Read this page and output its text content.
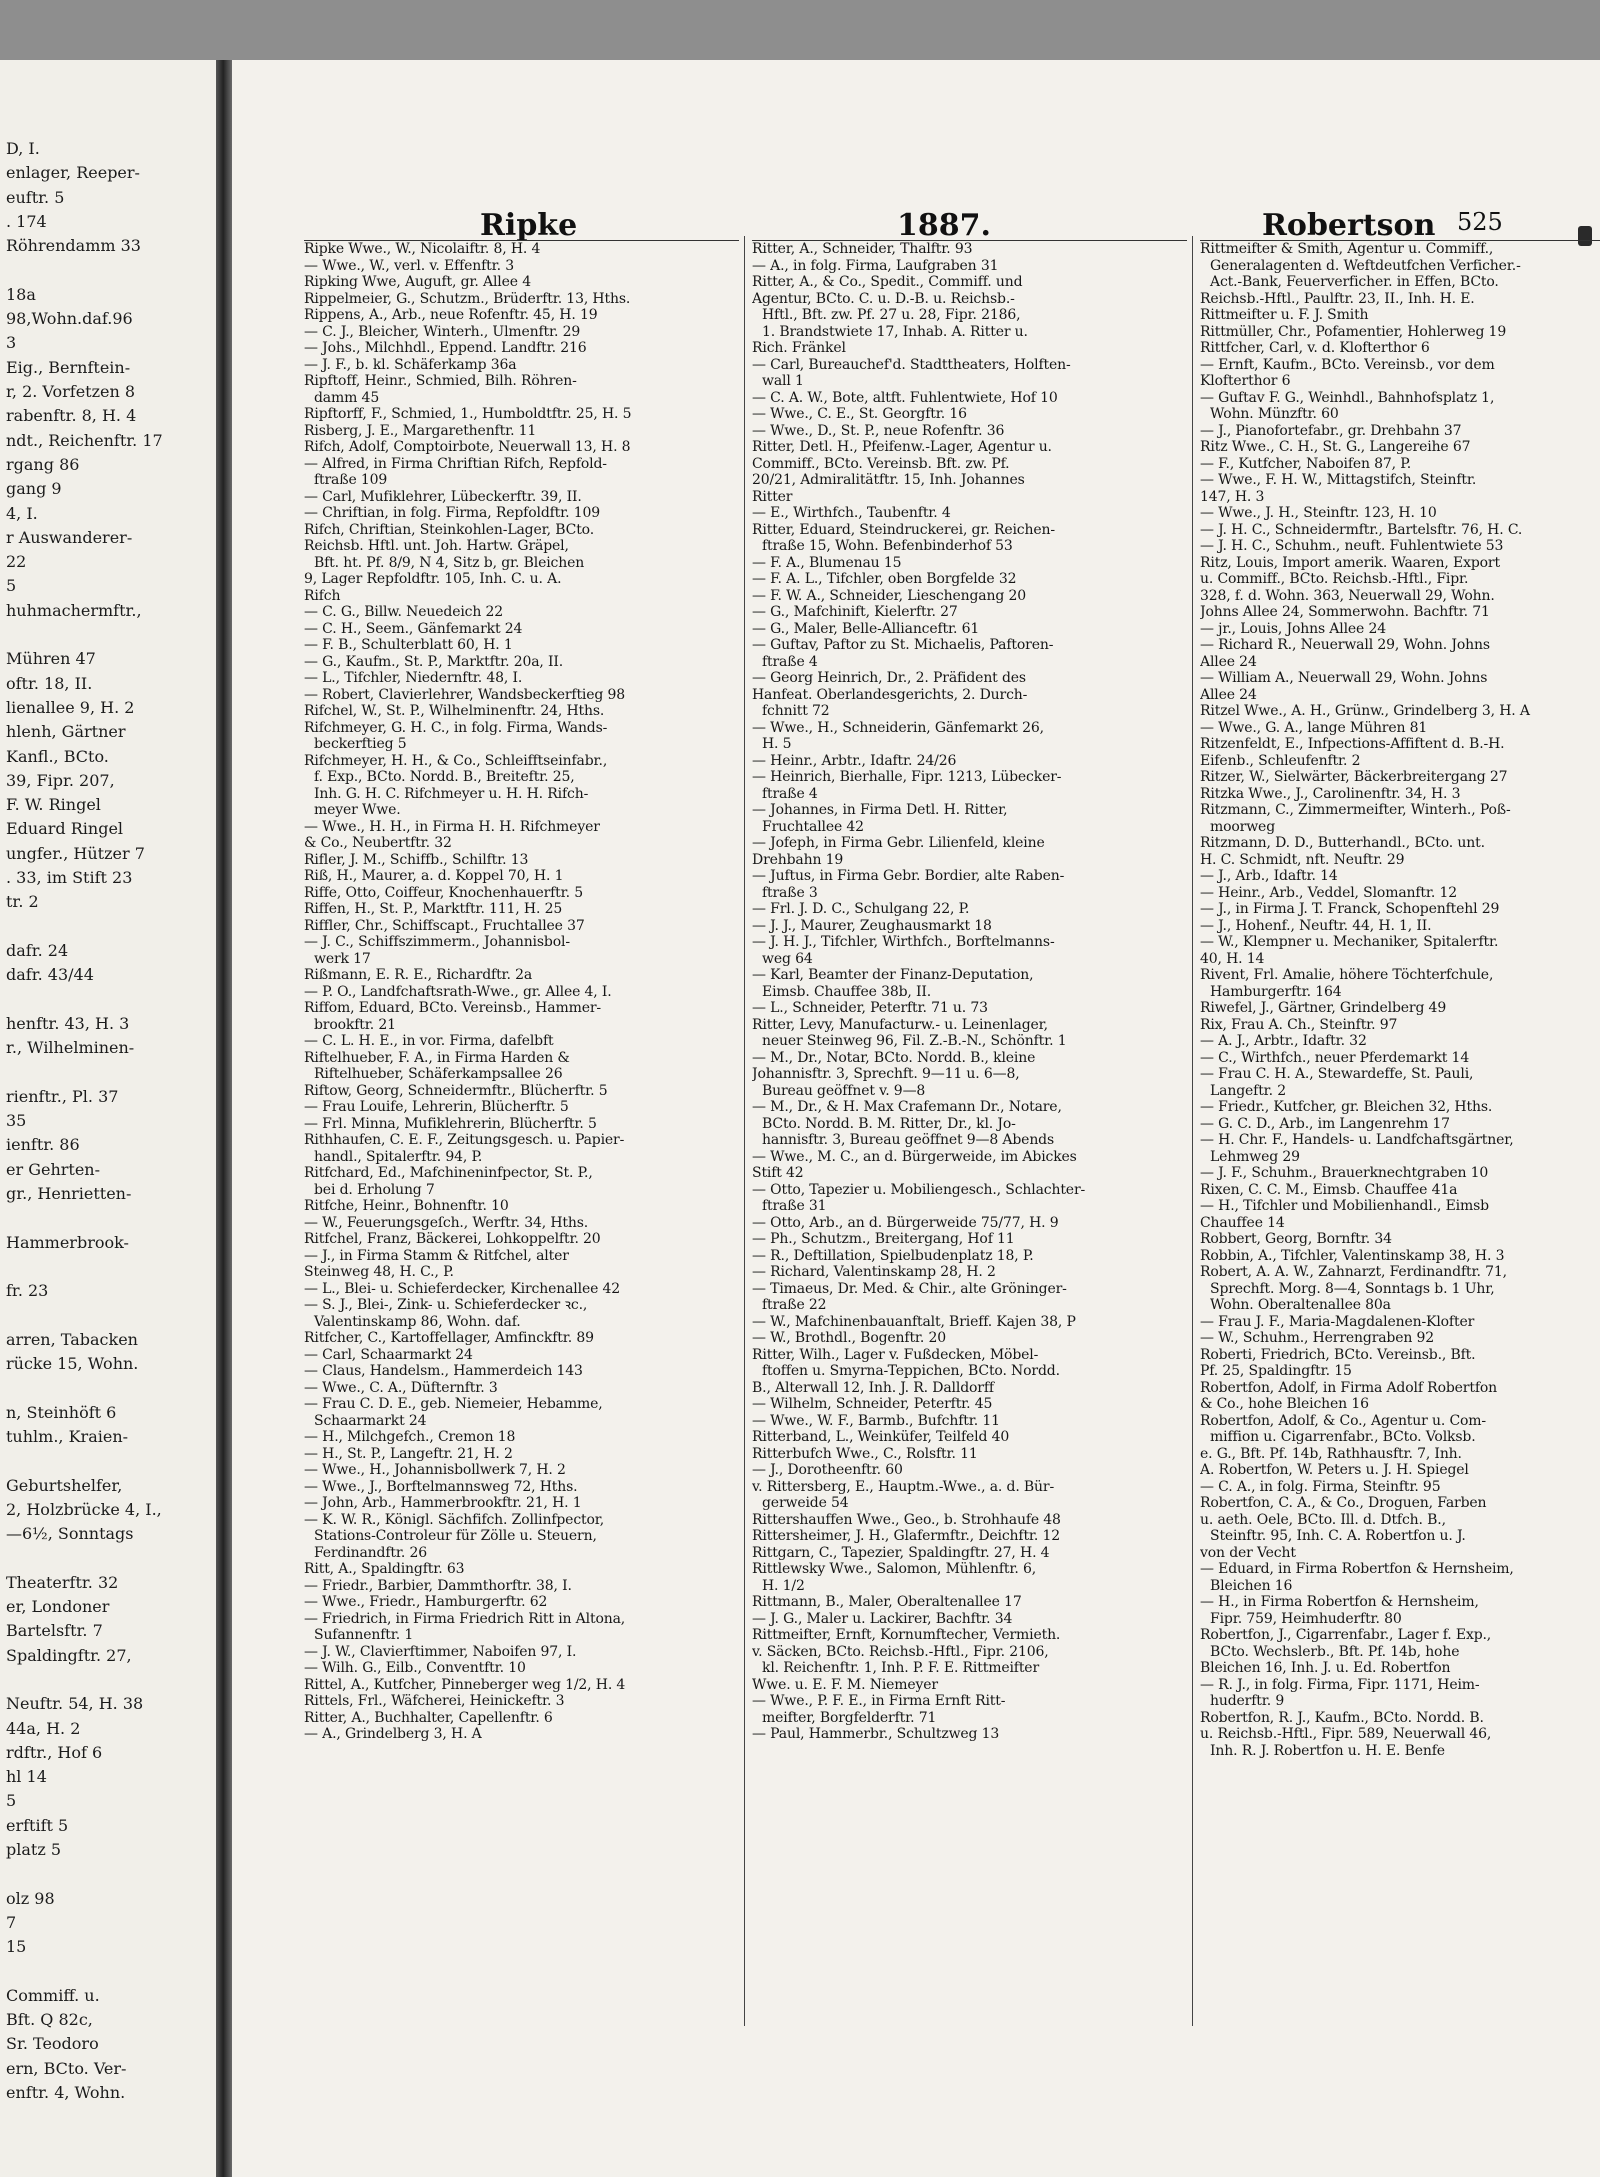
D, I.
enlager, Reeper-
euftr. 5
. 174
Röhrendamm 33
18a
98,Wohn.daf.96
3
Eig., Bernftein-
r, 2. Vorfetzen 8
rabenftr. 8, H. 4
ndt., Reichenftr. 17
rgang 86
gang 9
4, I.
r Auswanderer-
22
5
huhmachermftr.,
Mühren 47
oftr. 18, II.
lienallee 9, H. 2
hlenh, Gärtner
Kanfl., BCto.
39, Fipr. 207,
F. W. Ringel
Eduard Ringel
ungfer., Hützer 7
. 33, im Stift 23
tr. 2
dafr. 24
dafr. 43/44
henftr. 43, H. 3
r., Wilhelminen-
rienftr., Pl. 37
35
ienftr. 86
er Gehrten-
gr., Henrietten-
Hammerbrook-
fr. 23
arren, Tabacken
rücke 15, Wohn.
n, Steinhöft 6
tuhlm., Kraien-
Geburtshelfer,
2, Holzbrücke 4, I.,
—6½, Sonntags
Theaterftr. 32
er, Londoner
Bartelsftr. 7
Spaldingftr. 27,
Neuftr. 54, H. 38
44a, H. 2
rdftr., Hof 6
hl 14
5
erftift 5
platz 5
olz 98
7
15
Commiff. u.
Bft. Q 82c,
Sr. Teodoro
ern, BCto. Ver-
enftr. 4, Wohn.
Ripke	1887.	Robertson 525
Ripke Wwe., W., Nicolaiftr. 8, H. 4
— Wwe., W., verl. v. Effenftr. 3
Ripking Wwe, Auguft, gr. Allee 4
Rippelmeier, G., Schutzm., Brüderftr. 13, Hths.
Rippens, A., Arb., neue Rofenftr. 45, H. 19
— C. J., Bleicher, Winterh., Ulmenftr. 29
— Johs., Milchhdl., Eppend. Landftr. 216
— J. F., b. kl. Schäferkamp 36a
Ripftoff, Heinr., Schmied, Bilh. Röhren-
damm 45
Ripftorff, F., Schmied, 1., Humboldtftr. 25, H. 5
Risberg, J. E., Margarethenftr. 11
Rifch, Adolf, Comptoirbote, Neuerwall 13, H. 8
— Alfred, in Firma Chriftian Rifch, Repfold-
ftraße 109
— Carl, Mufiklehrer, Lübeckerftr. 39, II.
— Chriftian, in folg. Firma, Repfoldftr. 109
Rifch, Chriftian, Steinkohlen-Lager, BCto.
Reichsb. Hftl. unt. Joh. Hartw. Gräpel,
Bft. ht. Pf. 8/9, N 4, Sitz b, gr. Bleichen
9, Lager Repfoldftr. 105, Inh. C. u. A.
Rifch
— C. G., Billw. Neuedeich 22
— C. H., Seem., Gänfemarkt 24
— F. B., Schulterblatt 60, H. 1
— G., Kaufm., St. P., Marktftr. 20a, II.
— L., Tifchler, Niedernftr. 48, I.
— Robert, Clavierlehrer, Wandsbeckerftieg 98
Rifchel, W., St. P., Wilhelminenftr. 24, Hths.
Rifchmeyer, G. H. C., in folg. Firma, Wands-
beckerftieg 5
Rifchmeyer, H. H., & Co., Schleifftseinfabr.,
f. Exp., BCto. Nordd. B., Breiteftr. 25,
Inh. G. H. C. Rifchmeyer u. H. H. Rifch-
meyer Wwe.
— Wwe., H. H., in Firma H. H. Rifchmeyer
& Co., Neubertftr. 32
Rifler, J. M., Schiffb., Schilftr. 13
Riß, H., Maurer, a. d. Koppel 70, H. 1
Riffe, Otto, Coiffeur, Knochenhauerftr. 5
Riffen, H., St. P., Marktftr. 111, H. 25
Riffler, Chr., Schiffscapt., Fruchtallee 37
— J. C., Schiffszimmerm., Johannisbol-
werk 17
Rißmann, E. R. E., Richardftr. 2a
— P. O., Landfchaftsrath-Wwe., gr. Allee 4, I.
Riffom, Eduard, BCto. Vereinsb., Hammer-
brookftr. 21
— C. L. H. E., in vor. Firma, dafelbft
Riftelhueber, F. A., in Firma Harden &
Riftelhueber, Schäferkampsallee 26
Riftow, Georg, Schneidermftr., Blücherftr. 5
— Frau Louife, Lehrerin, Blücherftr. 5
— Frl. Minna, Mufiklehrerin, Blücherftr. 5
Rithhaufen, C. E. F., Zeitungsgesch. u. Papier-
handl., Spitalerftr. 94, P.
Ritfchard, Ed., Mafchineninfpector, St. P.,
bei d. Erholung 7
Ritfche, Heinr., Bohnenftr. 10
— W., Feuerungsgeſch., Werftr. 34, Hths.
Ritfchel, Franz, Bäckerei, Lohkoppelftr. 20
— J., in Firma Stamm & Ritfchel, alter
Steinweg 48, H. C., P.
— L., Blei- u. Schieferdecker, Kirchenallee 42
— S. J., Blei-, Zink- u. Schieferdecker ꝛc.,
Valentinskamp 86, Wohn. daf.
Ritfcher, C., Kartoffellager, Amfinckftr. 89
— Carl, Schaarmarkt 24
— Claus, Handelsm., Hammerdeich 143
— Wwe., C. A., Düfternftr. 3
— Frau C. D. E., geb. Niemeier, Hebamme,
Schaarmarkt 24
— H., Milchgefch., Cremon 18
— H., St. P., Langeftr. 21, H. 2
— Wwe., H., Johannisbollwerk 7, H. 2
— Wwe., J., Borftelmannsweg 72, Hths.
— John, Arb., Hammerbrookftr. 21, H. 1
— K. W. R., Königl. Sächfifch. Zollinfpector,
Stations-Controleur für Zölle u. Steuern,
Ferdinandftr. 26
Ritt, A., Spaldingftr. 63
— Friedr., Barbier, Dammthorftr. 38, I.
— Wwe., Friedr., Hamburgerftr. 62
— Friedrich, in Firma Friedrich Ritt in Altona,
Sufannenftr. 1
— J. W., Clavierftimmer, Naboifen 97, I.
— Wilh. G., Eilb., Conventftr. 10
Rittel, A., Kutfcher, Pinneberger weg 1/2, H. 4
Rittels, Frl., Wäfcherei, Heinickeftr. 3
Ritter, A., Buchhalter, Capellenftr. 6
— A., Grindelberg 3, H. A
Ritter, A., Schneider, Thalftr. 93
— A., in folg. Firma, Laufgraben 31
Ritter, A., & Co., Spedit., Commiff. und
Agentur, BCto. C. u. D.-B. u. Reichsb.-
Hftl., Bft. zw. Pf. 27 u. 28, Fipr. 2186,
1. Brandstwiete 17, Inhab. A. Ritter u.
Rich. Fränkel
— Carl, Bureauchef'd. Stadttheaters, Holften-
wall 1
— C. A. W., Bote, altft. Fuhlentwiete, Hof 10
— Wwe., C. E., St. Georgftr. 16
— Wwe., D., St. P., neue Rofenftr. 36
Ritter, Detl. H., Pfeifenw.-Lager, Agentur u.
Commiff., BCto. Vereinsb. Bft. zw. Pf.
20/21, Admiralitätftr. 15, Inh. Johannes
Ritter
— E., Wirthfch., Taubenftr. 4
Ritter, Eduard, Steindruckerei, gr. Reichen-
ftraße 15, Wohn. Befenbinderhof 53
— F. A., Blumenau 15
— F. A. L., Tifchler, oben Borgfelde 32
— F. W. A., Schneider, Lieschengang 20
— G., Mafchinift, Kielerftr. 27
— G., Maler, Belle-Allianceftr. 61
— Guftav, Paftor zu St. Michaelis, Paftoren-
ftraße 4
— Georg Heinrich, Dr., 2. Präfident des
Hanfeat. Oberlandesgerichts, 2. Durch-
fchnitt 72
— Wwe., H., Schneiderin, Gänfemarkt 26,
H. 5
— Heinr., Arbtr., Idaftr. 24/26
— Heinrich, Bierhalle, Fipr. 1213, Lübecker-
ftraße 4
— Johannes, in Firma Detl. H. Ritter,
Fruchtallee 42
— Jofeph, in Firma Gebr. Lilienfeld, kleine
Drehbahn 19
— Juftus, in Firma Gebr. Bordier, alte Raben-
ftraße 3
— Frl. J. D. C., Schulgang 22, P.
— J. J., Maurer, Zeughausmarkt 18
— J. H. J., Tifchler, Wirthfch., Borftelmanns-
weg 64
— Karl, Beamter der Finanz-Deputation,
Eimsb. Chauffee 38b, II.
— L., Schneider, Peterftr. 71 u. 73
Ritter, Levy, Manufacturw.- u. Leinenlager,
neuer Steinweg 96, Fil. Z.-B.-N., Schönftr. 1
— M., Dr., Notar, BCto. Nordd. B., kleine
Johannisftr. 3, Sprechft. 9—11 u. 6—8,
Bureau geöffnet v. 9—8
— M., Dr., & H. Max Crafemann Dr., Notare,
BCto. Nordd. B. M. Ritter, Dr., kl. Jo-
hannisftr. 3, Bureau geöffnet 9—8 Abends
— Wwe., M. C., an d. Bürgerweide, im Abickes
Stift 42
— Otto, Tapezier u. Mobiliengesch., Schlachter-
ftraße 31
— Otto, Arb., an d. Bürgerweide 75/77, H. 9
— Ph., Schutzm., Breitergang, Hof 11
— R., Deftillation, Spielbudenplatz 18, P.
— Richard, Valentinskamp 28, H. 2
— Timaeus, Dr. Med. & Chir., alte Gröninger-
ftraße 22
— W., Mafchinenbauanftalt, Brieff. Kajen 38, P
— W., Brothdl., Bogenftr. 20
Ritter, Wilh., Lager v. Fußdecken, Möbel-
ftoffen u. Smyrna-Teppichen, BCto. Nordd.
B., Alterwall 12, Inh. J. R. Dalldorff
— Wilhelm, Schneider, Peterftr. 45
— Wwe., W. F., Barmb., Bufchftr. 11
Ritterband, L., Weinküfer, Teilfeld 40
Ritterbufch Wwe., C., Rolsftr. 11
— J., Dorotheenftr. 60
v. Rittersberg, E., Hauptm.-Wwe., a. d. Bür-
gerweide 54
Rittershauffen Wwe., Geo., b. Strohhaufe 48
Rittersheimer, J. H., Glafermftr., Deichftr. 12
Rittgarn, C., Tapezier, Spaldingftr. 27, H. 4
Rittlewsky Wwe., Salomon, Mühlenftr. 6,
H. 1/2
Rittmann, B., Maler, Oberaltenallee 17
— J. G., Maler u. Lackirer, Bachftr. 34
Rittmeifter, Ernft, Kornumftecher, Vermieth.
v. Säcken, BCto. Reichsb.-Hftl., Fipr. 2106,
kl. Reichenftr. 1, Inh. P. F. E. Rittmeifter
Wwe. u. E. F. M. Niemeyer
— Wwe., P. F. E., in Firma Ernft Ritt-
meifter, Borgfelderftr. 71
— Paul, Hammerbr., Schultzweg 13
Rittmeifter & Smith, Agentur u. Commiff.,
Generalagenten d. Weftdeutfchen Verficher.-
Act.-Bank, Feuerverficher. in Effen, BCto.
Reichsb.-Hftl., Paulftr. 23, II., Inh. H. E.
Rittmeifter u. F. J. Smith
Rittmüller, Chr., Pofamentier, Hohlerweg 19
Rittfcher, Carl, v. d. Klofterthor 6
— Ernft, Kaufm., BCto. Vereinsb., vor dem
Klofterthor 6
— Guftav F. G., Weinhdl., Bahnhofsplatz 1,
Wohn. Münzftr. 60
— J., Pianofortefabr., gr. Drehbahn 37
Ritz Wwe., C. H., St. G., Langereihe 67
— F., Kutfcher, Naboifen 87, P.
— Wwe., F. H. W., Mittagstifch, Steinftr.
147, H. 3
— Wwe., J. H., Steinftr. 123, H. 10
— J. H. C., Schneidermftr., Bartelsftr. 76, H. C.
— J. H. C., Schuhm., neuft. Fuhlentwiete 53
Ritz, Louis, Import amerik. Waaren, Export
u. Commiff., BCto. Reichsb.-Hftl., Fipr.
328, f. d. Wohn. 363, Neuerwall 29, Wohn.
Johns Allee 24, Sommerwohn. Bachftr. 71
— jr., Louis, Johns Allee 24
— Richard R., Neuerwall 29, Wohn. Johns
Allee 24
— William A., Neuerwall 29, Wohn. Johns
Allee 24
Ritzel Wwe., A. H., Grünw., Grindelberg 3, H. A
— Wwe., G. A., lange Mühren 81
Ritzenfeldt, E., Infpections-Affiftent d. B.-H.
Eifenb., Schleufenftr. 2
Ritzer, W., Sielwärter, Bäckerbreitergang 27
Ritzka Wwe., J., Carolinenftr. 34, H. 3
Ritzmann, C., Zimmermeifter, Winterh., Poß-
moorweg
Ritzmann, D. D., Butterhandl., BCto. unt.
H. C. Schmidt, nft. Neuftr. 29
— J., Arb., Idaftr. 14
— Heinr., Arb., Veddel, Slomanftr. 12
— J., in Firma J. T. Franck, Schopenftehl 29
— J., Hohenf., Neuftr. 44, H. 1, II.
— W., Klempner u. Mechaniker, Spitalerftr.
40, H. 14
Rivent, Frl. Amalie, höhere Töchterfchule,
Hamburgerftr. 164
Riwefel, J., Gärtner, Grindelberg 49
Rix, Frau A. Ch., Steinftr. 97
— A. J., Arbtr., Idaftr. 32
— C., Wirthfch., neuer Pferdemarkt 14
— Frau C. H. A., Stewardeffe, St. Pauli,
Langeftr. 2
— Friedr., Kutfcher, gr. Bleichen 32, Hths.
— G. C. D., Arb., im Langenrehm 17
— H. Chr. F., Handels- u. Landfchaftsgärtner,
Lehmweg 29
— J. F., Schuhm., Brauerknechtgraben 10
Rixen, C. C. M., Eimsb. Chauffee 41a
— H., Tifchler und Mobilienhandl., Eimsb
Chauffee 14
Robbert, Georg, Bornftr. 34
Robbin, A., Tifchler, Valentinskamp 38, H. 3
Robert, A. A. W., Zahnarzt, Ferdinandftr. 71,
Sprechft. Morg. 8—4, Sonntags b. 1 Uhr,
Wohn. Oberaltenallee 80a
— Frau J. F., Maria-Magdalenen-Klofter
— W., Schuhm., Herrengraben 92
Roberti, Friedrich, BCto. Vereinsb., Bft.
Pf. 25, Spaldingftr. 15
Robertfon, Adolf, in Firma Adolf Robertfon
& Co., hohe Bleichen 16
Robertfon, Adolf, & Co., Agentur u. Com-
miffion u. Cigarrenfabr., BCto. Volksb.
e. G., Bft. Pf. 14b, Rathhausftr. 7, Inh.
A. Robertfon, W. Peters u. J. H. Spiegel
— C. A., in folg. Firma, Steinftr. 95
Robertfon, C. A., & Co., Droguen, Farben
u. aeth. Oele, BCto. Ill. d. Dtfch. B.,
Steinftr. 95, Inh. C. A. Robertfon u. J.
von der Vecht
— Eduard, in Firma Robertfon & Hernsheim,
Bleichen 16
— H., in Firma Robertfon & Hernsheim,
Fipr. 759, Heimhuderftr. 80
Robertfon, J., Cigarrenfabr., Lager f. Exp.,
BCto. Wechslerb., Bft. Pf. 14b, hohe
Bleichen 16, Inh. J. u. Ed. Robertfon
— R. J., in folg. Firma, Fipr. 1171, Heim-
huderftr. 9
Robertfon, R. J., Kaufm., BCto. Nordd. B.
u. Reichsb.-Hftl., Fipr. 589, Neuerwall 46,
Inh. R. J. Robertfon u. H. E. Benfe
